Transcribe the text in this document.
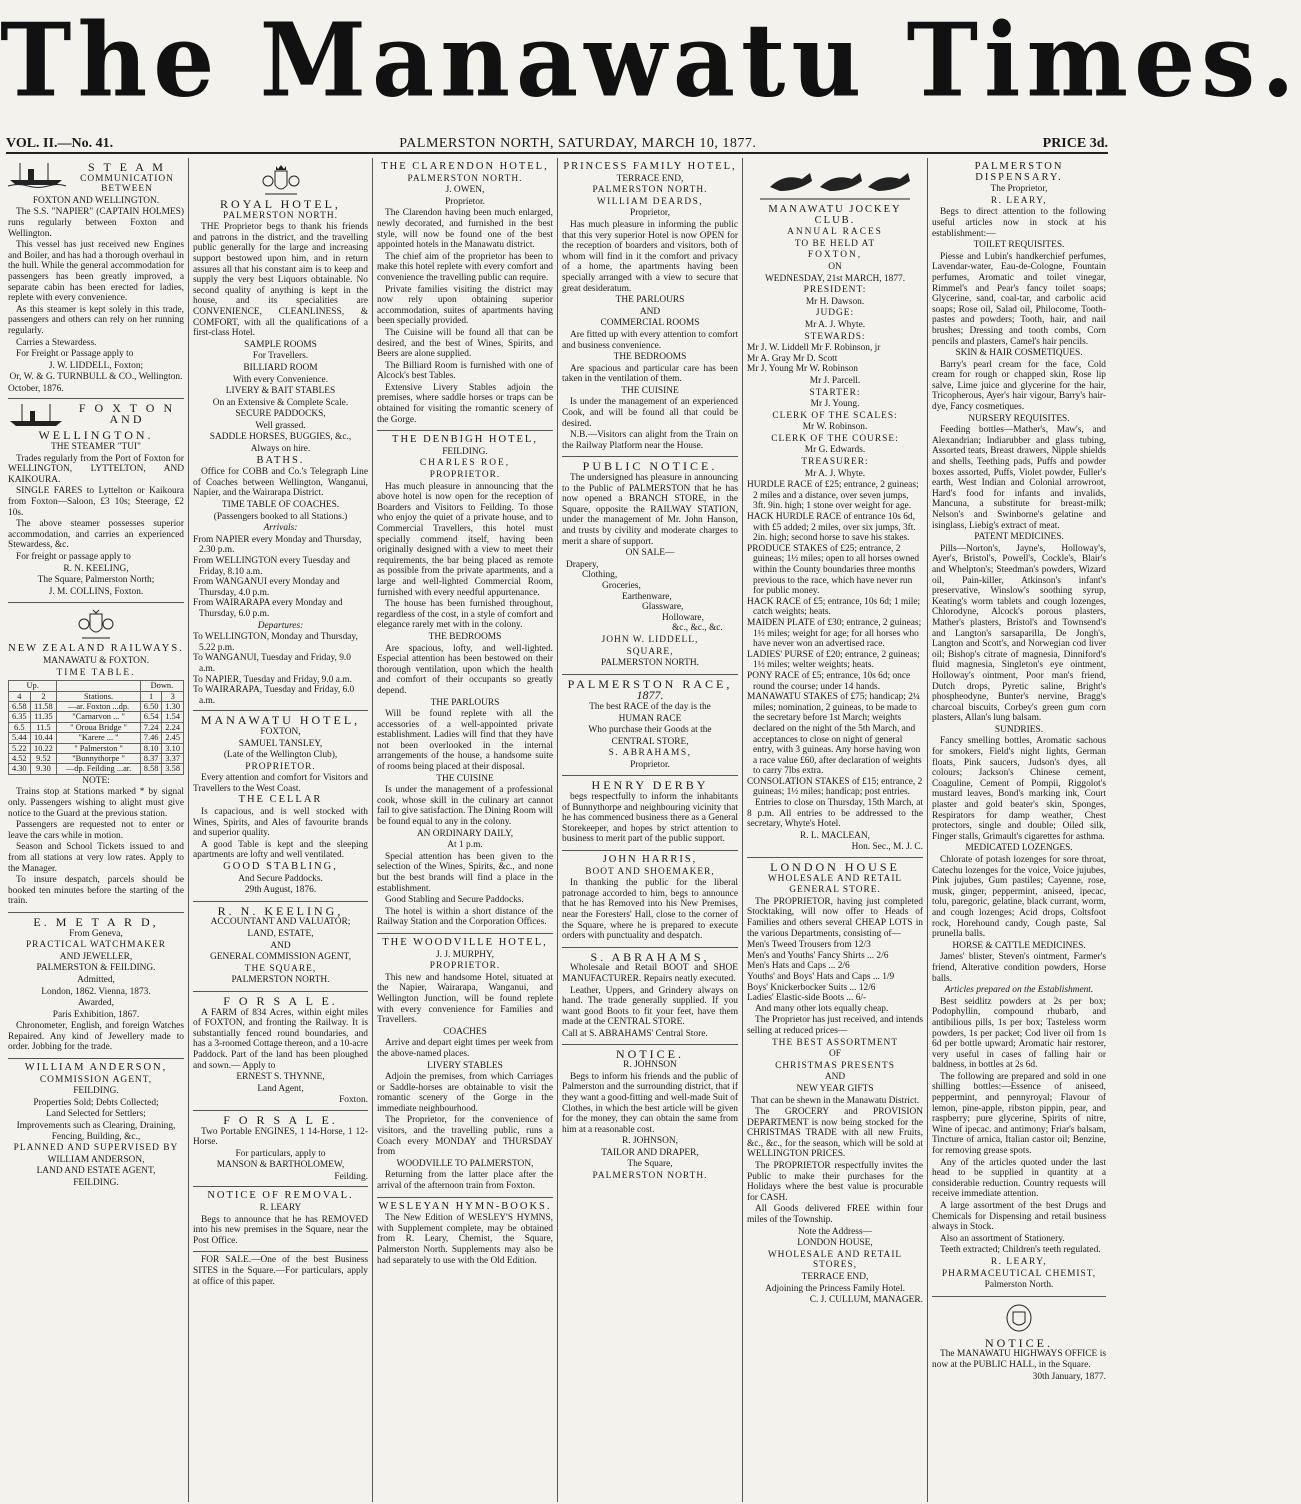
The Manawatu Times.
VOL. II.—No. 41.	PALMERSTON NORTH, SATURDAY, MARCH 10, 1877.	PRICE 3d.
S T E A M
COMMUNICATION BETWEEN
FOXTON AND WELLINGTON.

The S.S. "NAPIER" (CAPTAIN HOLMES) runs regularly between Foxton and Wellington.

This vessel has just received new Engines and Boiler, and has had a thorough overhaul in the hull. While the general accommodation for passengers has been greatly improved, a separate cabin has been erected for ladies, replete with every convenience.

As this steamer is kept solely in this trade, passengers and others can rely on her running regularly.

Carries a Stewardess.

For Freight or Passage apply to

J. W. LIDDELL, Foxton;
Or, W. & G. TURNBULL & CO., Wellington.
October, 1876.
F O X T O N AND WELLINGTON.
THE STEAMER "TUI"

Trades regularly from the Port of Foxton for WELLINGTON, LYTTELTON, AND KAIKOURA.

SINGLE FARES to Lyttelton or Kaikoura from Foxton—Saloon, £3 10s; Steerage, £2 10s.

The above steamer possesses superior accommodation, and carries an experienced Stewardess, &c.

For freight or passage apply to

R. N. KEELING,
The Square, Palmerston North;
J. M. COLLINS, Foxton.
NEW ZEALAND RAILWAYS.
MANAWATU & FOXTON.
TIME TABLE.
Up.			Down.	
4	2	Stations.	1	3
6.58	11.58	—ar. Foxton ...dp.	6.50	1.30
6.35	11.35	"Carnarvon ... "	6.54	1.54
6.5	11.5	" Oroua Bridge "	7.24	2.24
5.44	10.44	"Karere ... "	7.46	2.45
5.22	10.22	" Palmerston "	8.10	3.10
4.52	9.52	"Bunnythorpe "	8.37	3.37
4.30	9.30	—dp. Feilding ...ar.	8.58	3.58
NOTE:

Trains stop at Stations marked * by signal only. Passengers wishing to alight must give notice to the Guard at the previous station.

Passengers are requested not to enter or leave the cars while in motion.

Season and School Tickets issued to and from all stations at very low rates. Apply to the Manager.

To insure despatch, parcels should be booked ten minutes before the starting of the train.

E. M E T A R D,
From Geneva,
PRACTICAL WATCHMAKER
AND JEWELLER,
PALMERSTON & FEILDING.
Admitted,
London, 1862. Vienna, 1873.
Awarded,
Paris Exhibition, 1867.

Chronometer, English, and foreign Watches Repaired. Any kind of Jewellery made to order. Jobbing for the trade.

WILLIAM ANDERSON,
COMMISSION AGENT,
FEILDING.
Properties Sold; Debts Collected;
Land Selected for Settlers;
Improvements such as Clearing, Draining, Fencing, Building, &c.,
PLANNED AND SUPERVISED BY
WILLIAM ANDERSON,
LAND AND ESTATE AGENT,
FEILDING.
ROYAL HOTEL,
PALMERSTON NORTH.

THE Proprietor begs to thank his friends and patrons in the district, and the travelling public generally for the large and increasing support bestowed upon him, and in return assures all that his constant aim is to keep and supply the very best Liquors obtainable. No second quality of anything is kept in the house, and its specialities are CONVENIENCE, CLEANLINESS, & COMFORT, with all the qualifications of a first-class Hotel.

SAMPLE ROOMS
For Travellers.
BILLIARD ROOM
With every Convenience.
LIVERY & BAIT STABLES
On an Extensive & Complete Scale.
SECURE PADDOCKS,
Well grassed.
SADDLE HORSES, BUGGIES, &c.,
Always on hire.
BATHS.

Office for COBB and Co.'s Telegraph Line of Coaches between Wellington, Wanganui, Napier, and the Wairarapa District.

TIME TABLE OF COACHES.
(Passengers booked to all Stations.)
Arrivals:
From NAPIER every Monday and Thursday, 2.30 p.m.
From WELLINGTON every Tuesday and Friday, 8.10 a.m.
From WANGANUI every Monday and Thursday, 4.0 p.m.
From WAIRARAPA every Monday and Thursday, 6.0 p.m.
Departures:
To WELLINGTON, Monday and Thursday, 5.22 p.m.
To WANGANUI, Tuesday and Friday, 9.0 a.m.
To NAPIER, Tuesday and Friday, 9.0 a.m.
To WAIRARAPA, Tuesday and Friday, 6.0 a.m.
MANAWATU HOTEL,
FOXTON,
SAMUEL TANSLEY,
(Late of the Wellington Club),
PROPRIETOR.

Every attention and comfort for Visitors and Travellers to the West Coast.

THE CELLAR

Is capacious, and is well stocked with Wines, Spirits, and Ales of favourite brands and superior quality.

A good Table is kept and the sleeping apartments are lofty and well ventilated.

GOOD STABLING,
And Secure Paddocks.
29th August, 1876.
R. N. KEELING,
ACCOUNTANT AND VALUATOR;
LAND, ESTATE,
AND
GENERAL COMMISSION AGENT,
THE SQUARE,
PALMERSTON NORTH.
F O R S A L E.

A FARM of 834 Acres, within eight miles of FOXTON, and fronting the Railway. It is substantially fenced round boundaries, and has a 3-roomed Cottage thereon, and a 10-acre Paddock. Part of the land has been ploughed and sown.— Apply to

ERNEST S. THYNNE,
Land Agent,
Foxton.
F O R S A L E.

Two Portable ENGINES, 1 14-Horse, 1 12-Horse.

For particulars, apply to
MANSON & BARTHOLOMEW,
Feilding.
NOTICE OF REMOVAL.
R. LEARY

Begs to announce that he has REMOVED into his new premises in the Square, near the Post Office.

FOR SALE.—One of the best Business SITES in the Square.—For particulars, apply at office of this paper.

THE CLARENDON HOTEL,
PALMERSTON NORTH.
J. OWEN,
Proprietor.

The Clarendon having been much enlarged, newly decorated, and furnished in the best style, will now be found one of the best appointed hotels in the Manawatu district.

The chief aim of the proprietor has been to make this hotel replete with every comfort and convenience the travelling public can require.

Private families visiting the district may now rely upon obtaining superior accommodation, suites of apartments having been specially provided.

The Cuisine will be found all that can be desired, and the best of Wines, Spirits, and Beers are alone supplied.

The Billiard Room is furnished with one of Alcock's best Tables.

Extensive Livery Stables adjoin the premises, where saddle horses or traps can be obtained for visiting the romantic scenery of the Gorge.

THE DENBIGH HOTEL,
FEILDING.
CHARLES ROE,
PROPRIETOR.

Has much pleasure in announcing that the above hotel is now open for the reception of Boarders and Visitors to Feilding. To those who enjoy the quiet of a private house, and to Commercial Travellers, this hotel must specially commend itself, having been originally designed with a view to meet their requirements, the bar being placed as remote as possible from the private apartments, and a large and well-lighted Commercial Room, furnished with every needful appurtenance.

The house has been furnished throughout, regardless of the cost, in a style of comfort and elegance rarely met with in the colony.

THE BEDROOMS

Are spacious, lofty, and well-lighted. Especial attention has been bestowed on their thorough ventilation, upon which the health and comfort of their occupants so greatly depend.

THE PARLOURS

Will be found replete with all the accessories of a well-appointed private establishment. Ladies will find that they have not been overlooked in the internal arrangements of the house, a handsome suite of rooms being placed at their disposal.

THE CUISINE

Is under the management of a professional cook, whose skill in the culinary art cannot fail to give satisfaction. The Dining Room will be found equal to any in the colony.

AN ORDINARY DAILY,
At 1 p.m.

Special attention has been given to the selection of the Wines, Spirits, &c., and none but the best brands will find a place in the establishment.

Good Stabling and Secure Paddocks.

The hotel is within a short distance of the Railway Station and the Corporation Offices.

THE WOODVILLE HOTEL,
J. J. MURPHY,
PROPRIETOR.

This new and handsome Hotel, situated at the Napier, Wairarapa, Wanganui, and Wellington Junction, will be found replete with every convenience for Families and Travellers.

COACHES

Arrive and depart eight times per week from the above-named places.

LIVERY STABLES

Adjoin the premises, from which Carriages or Saddle-horses are obtainable to visit the romantic scenery of the Gorge in the immediate neighbourhood.

The Proprietor, for the convenience of visitors, and the travelling public, runs a Coach every MONDAY and THURSDAY from

WOODVILLE TO PALMERSTON,

Returning from the latter place after the arrival of the afternoon train from Foxton.

WESLEYAN HYMN-BOOKS.

The New Edition of WESLEY'S HYMNS, with Supplement complete, may be obtained from R. Leary, Chemist, the Square, Palmerston North. Supplements may also be had separately to use with the Old Edition.

PRINCESS FAMILY HOTEL,
TERRACE END,
PALMERSTON NORTH.
WILLIAM DEARDS,
Proprietor,

Has much pleasure in informing the public that this very superior Hotel is now OPEN for the reception of boarders and visitors, both of whom will find in it the comfort and privacy of a home, the apartments having been specially arranged with a view to secure that great desideratum.

THE PARLOURS
AND
COMMERCIAL ROOMS

Are fitted up with every attention to comfort and business convenience.

THE BEDROOMS

Are spacious and particular care has been taken in the ventilation of them.

THE CUISINE

Is under the management of an experienced Cook, and will be found all that could be desired.

N.B.—Visitors can alight from the Train on the Railway Platform near the House.

PUBLIC NOTICE.

The undersigned has pleasure in announcing to the Public of PALMERSTON that he has now opened a BRANCH STORE, in the Square, opposite the RAILWAY STATION, under the management of Mr. John Hanson, and trusts by civility and moderate charges to merit a share of support.

ON SALE—
Drapery,
Clothing,
Groceries,
Earthenware,
Glassware,
Holloware,
&c., &c., &c.
JOHN W. LIDDELL,
SQUARE,
PALMERSTON NORTH.
PALMERSTON RACE,
1877.
The best RACE of the day is the
HUMAN RACE
Who purchase their Goods at the
CENTRAL STORE,
S. ABRAHAMS,
Proprietor.
HENRY DERBY

begs respectfully to inform the inhabitants of Bunnythorpe and neighbouring vicinity that he has commenced business there as a General Storekeeper, and hopes by strict attention to business to merit part of the public support.

JOHN HARRIS,
BOOT AND SHOEMAKER,

In thanking the public for the liberal patronage accorded to him, begs to announce that he has Removed into his New Premises, near the Foresters' Hall, close to the corner of the Square, where he is prepared to execute orders with punctuality and despatch.

S. ABRAHAMS,

Wholesale and Retail BOOT and SHOE MANUFACTURER. Repairs neatly executed.

Leather, Uppers, and Grindery always on hand. The trade generally supplied. If you want good Boots to fit your feet, have them made at the CENTRAL STORE.

Call at S. ABRAHAMS' Central Store.
NOTICE.
R. JOHNSON

Begs to inform his friends and the public of Palmerston and the surrounding district, that if they want a good-fitting and well-made Suit of Clothes, in which the best article will be given for the money, they can obtain the same from him at a reasonable cost.

R. JOHNSON,
TAILOR AND DRAPER,
The Square,
PALMERSTON NORTH.
MANAWATU JOCKEY CLUB.
ANNUAL RACES
TO BE HELD AT
FOXTON,
ON
WEDNESDAY, 21st MARCH, 1877.
PRESIDENT:
Mr H. Dawson.
JUDGE:
Mr A. J. Whyte.
STEWARDS:
Mr J. W. Liddell Mr F. Robinson, jr
Mr A. Gray Mr D. Scott
Mr J. Young Mr W. Robinson
Mr J. Parcell.
STARTER:
Mr J. Young.
CLERK OF THE SCALES:
Mr W. Robinson.
CLERK OF THE COURSE:
Mr G. Edwards.
TREASURER:
Mr A. J. Whyte.
HURDLE RACE of £25; entrance, 2 guineas; 2 miles and a distance, over seven jumps, 3ft. 9in. high; 1 stone over weight for age.
HACK HURDLE RACE of entrance 10s 6d, with £5 added; 2 miles, over six jumps, 3ft. 2in. high; second horse to save his stakes.
PRODUCE STAKES of £25; entrance, 2 guineas; 1½ miles; open to all horses owned within the County boundaries three months previous to the race, which have never run for public money.
HACK RACE of £5; entrance, 10s 6d; 1 mile; catch weights; heats.
MAIDEN PLATE of £30; entrance, 2 guineas; 1½ miles; weight for age; for all horses who have never won an advertised race.
LADIES' PURSE of £20; entrance, 2 guineas; 1½ miles; welter weights; heats.
PONY RACE of £5; entrance, 10s 6d; once round the course; under 14 hands.
MANAWATU STAKES of £75; handicap; 2¼ miles; nomination, 2 guineas, to be made to the secretary before 1st March; weights declared on the night of the 5th March, and acceptances to close on night of general entry, with 3 guineas. Any horse having won a race value £60, after declaration of weights to carry 7lbs extra.
CONSOLATION STAKES of £15; entrance, 2 guineas; 1½ miles; handicap; post entries.

Entries to close on Thursday, 15th March, at 8 p.m. All entries to be addressed to the secretary, Whyte's Hotel.

R. L. MACLEAN,
Hon. Sec., M. J. C.
LONDON HOUSE
WHOLESALE AND RETAIL
GENERAL STORE.

The PROPRIETOR, having just completed Stocktaking, will now offer to Heads of Families and others several CHEAP LOTS in the various Departments, consisting of—

Men's Tweed Trousers from 12/3
Men's and Youths' Fancy Shirts ... 2/6
Men's Hats and Caps ... 2/6
Youths' and Boys' Hats and Caps ... 1/9
Boys' Knickerbocker Suits ... 12/6
Ladies' Elastic-side Boots ... 6/-

And many other lots equally cheap.

The Proprietor has just received, and intends selling at reduced prices—

THE BEST ASSORTMENT
OF
CHRISTMAS PRESENTS
AND
NEW YEAR GIFTS
That can be shewn in the Manawatu District.

The GROCERY and PROVISION DEPARTMENT is now being stocked for the CHRISTMAS TRADE with all new Fruits, &c., &c., for the season, which will be sold at WELLINGTON PRICES.

The PROPRIETOR respectfully invites the Public to make their purchases for the Holidays where the best value is procurable for CASH.

All Goods delivered FREE within four miles of the Township.

Note the Address—
LONDON HOUSE,
WHOLESALE AND RETAIL STORES,
TERRACE END,
Adjoining the Princess Family Hotel.
C. J. CULLUM, MANAGER.
PALMERSTON DISPENSARY.
The Proprietor,
R. LEARY,

Begs to direct attention to the following useful articles now in stock at his establishment:—

TOILET REQUISITES.

Piesse and Lubin's handkerchief perfumes, Lavendar-water, Eau-de-Cologne, Fountain perfumes, Aromatic and toilet vinegar, Rimmel's and Pear's fancy toilet soaps; Glycerine, sand, coal-tar, and carbolic acid soaps; Rose oil, Salad oil, Philocome, Tooth-pastes and powders; Tooth, hair, and nail brushes; Dressing and tooth combs, Corn pencils and plasters, Camel's hair pencils.

SKIN & HAIR COSMETIQUES.

Barry's pearl cream for the face, Cold cream for rough or chapped skin, Rose lip salve, Lime juice and glycerine for the hair, Tricopherous, Ayer's hair vigour, Barry's hair-dye, Fancy cosmetiques.

NURSERY REQUISITES.

Feeding bottles—Mather's, Maw's, and Alexandrian; Indiarubber and glass tubing, Assorted teats, Breast drawers, Nipple shields and shells, Teething pads, Puffs and powder boxes assorted, Puffs, Violet powder, Fuller's earth, West Indian and Colonial arrowroot, Hard's food for infants and invalids, Mancuna, a substitute for breast-milk; Nelson's and Swinborne's gelatine and isinglass, Liebig's extract of meat.

PATENT MEDICINES.

Pills—Norton's, Jayne's, Holloway's, Ayer's, Bristol's, Powell's, Cockle's, Blair's and Whelpton's; Steedman's powders, Wizard oil, Pain-killer, Atkinson's infant's preservative, Winslow's soothing syrup, Keating's worm tablets and cough lozenges, Chlorodyne, Alcock's porous plasters, Mather's plasters, Bristol's and Townsend's and Langton's sarsaparilla, De Jongh's, Langton and Scott's, and Norwegian cod liver oil; Bishop's citrate of magnesia, Dinniford's fluid magnesia, Singleton's eye ointment, Holloway's ointment, Poor man's friend, Dutch drops, Pyretic saline, Bright's phospheodyne, Bunter's nervine, Bragg's charcoal biscuits, Corbey's green gum corn plasters, Allan's lung balsam.

SUNDRIES.

Fancy smelling bottles, Aromatic sachous for smokers, Field's night lights, German floats, Pink saucers, Judson's dyes, all colours; Jackson's Chinese cement, Coaguline, Cement of Pompii, Riggolot's mustard leaves, Bond's marking ink, Court plaster and gold beater's skin, Sponges, Respirators for damp weather, Chest protectors, single and double; Oiled silk, Finger stalls, Grimault's cigarettes for asthma.

MEDICATED LOZENGES.

Chlorate of potash lozenges for sore throat, Catechu lozenges for the voice, Voice jujubes, Pink jujubes, Gum pastiles; Cayenne, rose, musk, ginger, peppermint, aniseed, ipecac, tolu, paregoric, gelatine, black currant, worm, and cough lozenges; Acid drops, Coltsfoot rock, Horehound candy, Cough paste, Sal prunella balls.

HORSE & CATTLE MEDICINES.

James' blister, Steven's ointment, Farmer's friend, Alterative condition powders, Horse balls.

Articles prepared on the Establishment.

Best seidlitz powders at 2s per box; Podophyllin, compound rhubarb, and antibilious pills, 1s per box; Tasteless worm powders, 1s per packet; Cod liver oil from 1s 6d per bottle upward; Aromatic hair restorer, very useful in cases of falling hair or baldness, in bottles at 2s 6d.

The following are prepared and sold in one shilling bottles:—Essence of aniseed, peppermint, and pennyroyal; Flavour of lemon, pine-apple, ribston pippin, pear, and raspberry; pure glycerine, Spirits of nitre, Wine of ipecac. and antimony; Friar's balsam, Tincture of arnica, Italian castor oil; Benzine, for removing grease spots.

Any of the articles quoted under the last head to be supplied in quantity at a considerable reduction. Country requests will receive immediate attention.

A large assortment of the best Drugs and Chemicals for Dispensing and retail business always in Stock.

Also an assortment of Stationery.

Teeth extracted; Children's teeth regulated.

R. LEARY,
PHARMACEUTICAL CHEMIST,
Palmerston North.
NOTICE.

The MANAWATU HIGHWAYS OFFICE is now at the PUBLIC HALL, in the Square.

30th January, 1877.
